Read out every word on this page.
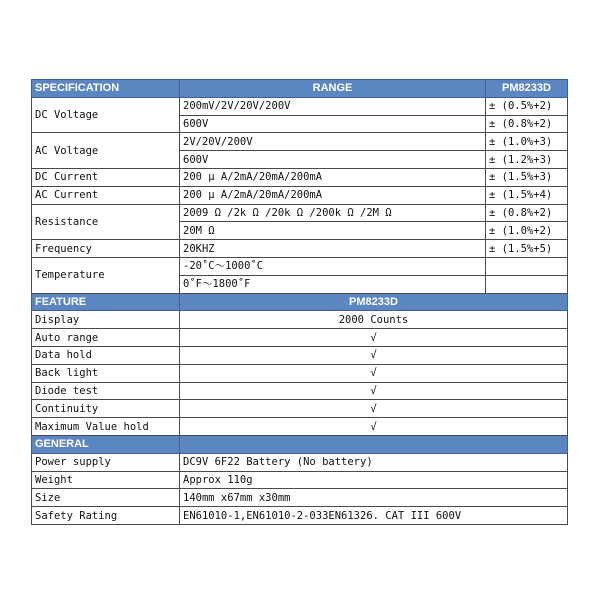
SPECIFICATION	RANGE	PM8233D
DC Voltage	200mV/2V/20V/200V	± (0.5%+2)
	600V	± (0.8%+2)
AC Voltage	2V/20V/200V	± (1.0%+3)
	600V	± (1.2%+3)
DC Current	200 μ A/2mA/20mA/200mA	± (1.5%+3)
AC Current	200 μ A/2mA/20mA/200mA	± (1.5%+4)
Resistance	2009 Ω /2k Ω /20k Ω /200k Ω /2M Ω	± (0.8%+2)
	20M Ω	± (1.0%+2)
Frequency	20KHZ	± (1.5%+5)
Temperature	-20˚C～1000˚C	
	0˚F～1800˚F	
FEATURE	PM8233D	
Display	2000 Counts	
Auto range	√	
Data hold	√	
Back light	√	
Diode test	√	
Continuity	√	
Maximum Value hold	√	
GENERAL		
Power supply	DC9V 6F22 Battery (No battery)	
Weight	Approx 110g	
Size	140mm x67mm x30mm	
Safety Rating	EN61010-1,EN61010-2-033EN61326. CAT III 600V	
